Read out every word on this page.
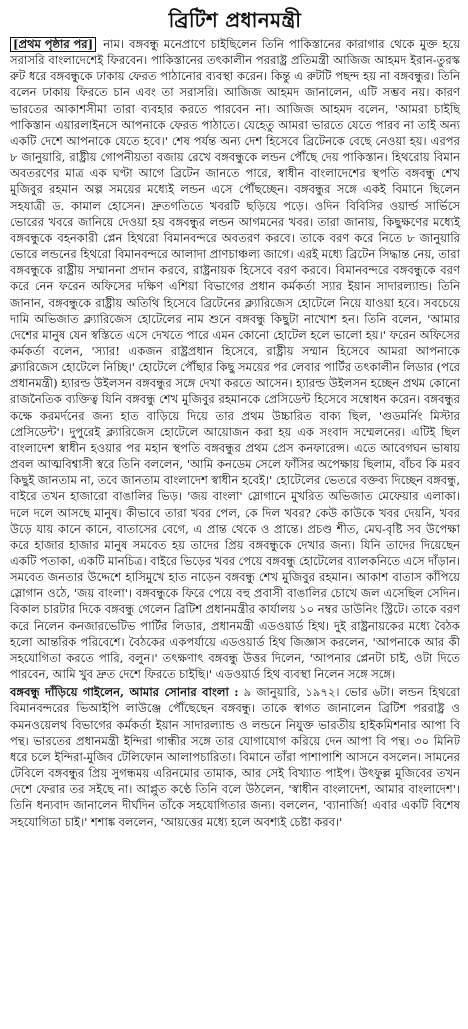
ব্রিটিশ প্রধানমন্ত্রী

[প্রথম পৃষ্ঠার পর] নাম। বঙ্গবন্ধু মনেপ্রাণে চাইছিলেন তিনি পাকিস্তানের কারাগার থেকে মুক্ত হয়ে সরাসরি বাংলাদেশেই ফিরবেন। পাকিস্তানের তৎকালীন পররাষ্ট্র প্রতিমন্ত্রী আজিজ আহমদ ইরান-তুরস্ক রুট ধরে বঙ্গবন্ধুকে ঢাকায় ফেরত পাঠানোর ব্যবস্থা করেন। কিন্তু এ রুটটি পছন্দ হয় না বঙ্গবন্ধুর। তিনি বলেন ঢাকায় ফিরতে চান এবং তা সরাসরি। আজিজ আহমদ জানালেন, এটি সম্ভব নয়। কারণ ভারতের আকাশসীমা তারা ব্যবহার করতে পারবেন না। আজিজ আহমদ বলেন, 'আমরা চাইছি পাকিস্তান এয়ারলাইনসে আপনাকে ফেরত পাঠাতে। যেহেতু আমরা ভারতে যেতে পারব না তাই অন্য একটি দেশে আপনাকে যেতে হবে।' শেষ পর্যন্ত অন্য দেশ হিসেবে ব্রিটেনকে বেছে নেওয়া হয়। এরপর ৮ জানুয়ারি, রাষ্ট্রীয় গোপনীয়তা বজায় রেখে বঙ্গবন্ধুকে লন্ডন পৌঁছে দেয় পাকিস্তান। হিথরোয় বিমান অবতরণের মাত্র এক ঘণ্টা আগে ব্রিটেন জানতে পারে, স্বাধীন বাংলাদেশের স্থপতি বঙ্গবন্ধু শেখ মুজিবুর রহমান অল্প সময়ের মধ্যেই লন্ডন এসে পৌঁছচ্ছেন। বঙ্গবন্ধুর সঙ্গে একই বিমানে ছিলেন সহযাত্রী ড. কামাল হোসেন। দ্রুতগতিতে খবরটি ছড়িয়ে পড়ে। ওদিন বিবিসির ওয়ার্ল্ড সার্ভিসে ভোরের খবরে জানিয়ে দেওয়া হয় বঙ্গবন্ধুর লন্ডন আগমনের খবর। তারা জানায়, কিছুক্ষণের মধ্যেই বঙ্গবন্ধুকে বহনকারী প্লেন হিথরো বিমানবন্দরে অবতরণ করবে। তাকে বরণ করে নিতে ৮ জানুয়ারি ভোরে লন্ডনের হিথরো বিমানবন্দরে আলাদা প্রাণচাঞ্চল্য জাগে। এরই মধ্যে ব্রিটেন সিদ্ধান্ত নেয়, তারা বঙ্গবন্ধুকে রাষ্ট্রীয় সম্মাননা প্রদান করবে, রাষ্ট্রনায়ক হিসেবে বরণ করবে। বিমানবন্দরে বঙ্গবন্ধুকে বরণ করে নেন ফরেন অফিসের দক্ষিণ এশিয়া বিভাগের প্রধান কর্মকর্তা স্যার ইয়ান সাদারল্যান্ড। তিনি জানান, বঙ্গবন্ধুকে রাষ্ট্রীয় অতিথি হিসেবে ব্রিটেনের ক্ল্যারিজেস হোটেলে নিয়ে যাওয়া হবে। সবচেয়ে দামি অভিজাত ক্ল্যারিজেস হোটেলের নাম শুনে বঙ্গবন্ধু কিছুটা নাখোশ হন। তিনি বলেন, 'আমার দেশের মানুষ যেন স্বস্তিতে এসে দেখতে পারে এমন কোনো হোটেল হলে ভালো হয়।' ফরেন অফিসের কর্মকর্তা বলেন, 'স্যার! একজন রাষ্ট্রপ্রধান হিসেবে, রাষ্ট্রীয় সম্মান হিসেবে আমরা আপনাকে ক্ল্যারিজেস হোটেলে নিচ্ছি।' হোটেলে পৌঁছার কিছু সময়ের পর লেবার পার্টির তৎকালীন লিডার (পরে প্রধানমন্ত্রী) হ্যারল্ড উইলসন বঙ্গবন্ধুর সঙ্গে দেখা করতে আসেন। হ্যারল্ড উইলসন হচ্ছেন প্রথম কোনো রাজনৈতিক ব্যক্তিত্ব যিনি বঙ্গবন্ধু শেখ মুজিবুর রহমানকে প্রেসিডেন্ট হিসেবে সম্বোধন করেন। বঙ্গবন্ধুর কক্ষে করমর্দনের জন্য হাত বাড়িয়ে দিয়ে তার প্রথম উচ্চারিত বাক্য ছিল, 'গুডমর্নিং মিস্টার প্রেসিডেন্ট'। দুপুরেই ক্ল্যারিজেস হোটেলে আয়োজন করা হয় এক সংবাদ সম্মেলনের। এটিই ছিল বাংলাদেশ স্বাধীন হওয়ার পর মহান স্থপতি বঙ্গবন্ধুর প্রথম প্রেস কনফারেন্স। এতে আবেগঘন ভাষায় প্রবল আত্মবিশ্বাসী স্বরে তিনি বললেন, 'আমি কনডেম সেলে ফাঁসির অপেক্ষায় ছিলাম, বাঁচব কি মরব কিছুই জানতাম না, তবে জানতাম বাংলাদেশ স্বাধীন হবেই।' হোটেলের ভেতরে বক্তব্য দিচ্ছেন বঙ্গবন্ধু, বাইরে তখন হাজারো বাঙালির ভিড়। 'জয় বাংলা' স্লোগানে মুখরিত অভিজাত মেফেয়ার এলাকা। দলে দলে আসছে মানুষ। কীভাবে তারা খবর পেল, কে দিল খবর? কেউ কাউকে খবর দেয়নি, খবর উড়ে যায় কানে কানে, বাতাসের বেগে, এ প্রান্ত থেকে ও প্রান্তে। প্রচণ্ড শীত, মেঘ-বৃষ্টি সব উপেক্ষা করে হাজার হাজার মানুষ সমবেত হয় তাদের প্রিয় বঙ্গবন্ধুকে দেখার জন্য। যিনি তাদের দিয়েছেন একটি পতাকা, একটি মানচিত্র। বাইরে ভিড়ের খবর পেয়ে বঙ্গবন্ধু হোটেলের ব্যালকনিতে এসে দাঁড়ান। সমবেত জনতার উদ্দেশে হাসিমুখে হাত নাড়েন বঙ্গবন্ধু শেখ মুজিবুর রহমান। আকাশ বাতাস কাঁপিয়ে স্লোগান ওঠে, 'জয় বাংলা'। বঙ্গবন্ধুকে ফিরে পেয়ে বহু প্রবাসী বাঙালির চোখে জল এসেছিল সেদিন। বিকাল চারটার দিকে বঙ্গবন্ধু গেলেন ব্রিটিশ প্রধানমন্ত্রীর কার্যালয় ১০ নম্বর ডাউনিং স্ট্রিটে। তাকে বরণ করে নিলেন কনজারভেটিভ পার্টির লিডার, প্রধানমন্ত্রী এডওয়ার্ড হিথ। দুই রাষ্ট্রনায়কের মধ্যে বৈঠক হলো আন্তরিক পরিবেশে। বৈঠকের একপর্যায়ে এডওয়ার্ড হিথ জিজ্ঞাস করলেন, 'আপনাকে আর কী সহযোগিতা করতে পারি, বলুন।' তৎক্ষণাৎ বঙ্গবন্ধু উত্তর দিলেন, 'আপনার প্লেনটা চাই, ওটা দিতে পারবেন, আমি খুব দ্রুত দেশে ফিরতে চাইছি।' এডওয়ার্ড হিথ ব্যবস্থা নিলেন সঙ্গে সঙ্গে।

বঙ্গবন্ধু দাঁড়িয়ে গাইলেন, আমার সোনার বাংলা : ৯ জানুয়ারি, ১৯৭২। ভোর ৬টা। লন্ডন হিথরো বিমানবন্দরের ভিআইপি লাউঞ্জে পৌঁছেছেন বঙ্গবন্ধু। তাকে স্বাগত জানালেন ব্রিটিশ পররাষ্ট্র ও কমনওয়েলথ বিভাগের কর্মকর্তা ইয়ান সাদারল্যান্ড ও লন্ডনে নিযুক্ত ভারতীয় হাইকমিশনার আপা বি পন্থ। ভারতের প্রধানমন্ত্রী ইন্দিরা গান্ধীর সঙ্গে তার যোগাযোগ করিয়ে দেন আপা বি পন্থ। ৩০ মিনিট ধরে চলে ইন্দিরা-মুজিব টেলিফোন আলাপচারিতা। বিমানে তাঁরা পাশাপাশি আসনে বসলেন। সামনের টেবিলে বঙ্গবন্ধুর প্রিয় সুগন্ধময় এরিনমোর তামাক, আর সেই বিখ্যাত পাইপ। উৎফুল্ল মুজিবের তখন দেশে ফেরার তর সইছে না। আপ্লুত কণ্ঠে তিনি বলে উঠলেন, 'স্বাধীন বাংলাদেশ, আমার বাংলাদেশ'। তিনি ধন্যবাদ জানালেন দীর্ঘদিন তাঁকে সহযোগিতার জন্য। বললেন, 'ব্যানার্জি! এবার একটি বিশেষ সহযোগিতা চাই।' শশাঙ্ক বললেন, 'আয়ত্তের মধ্যে হলে অবশ্যই চেষ্টা করব।'
